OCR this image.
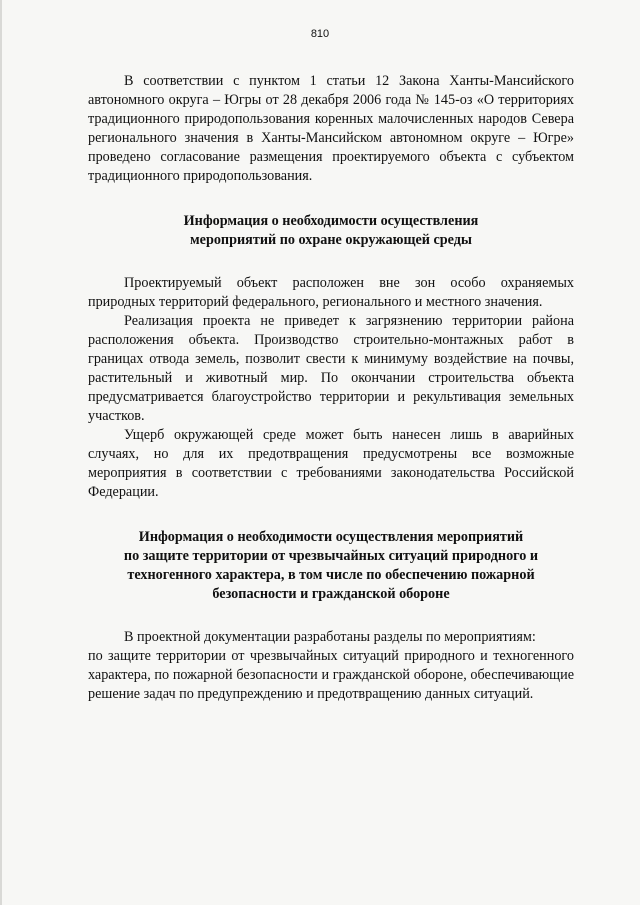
810

В соответствии с пунктом 1 статьи 12 Закона Ханты-Мансийского автономного округа – Югры от 28 декабря 2006 года № 145-оз «О территориях традиционного природопользования коренных малочисленных народов Севера регионального значения в Ханты-Мансийском автономном округе – Югре» проведено согласование размещения проектируемого объекта с субъектом традиционного природопользования.

Информация о необходимости осуществления
мероприятий по охране окружающей среды

Проектируемый объект расположен вне зон особо охраняемых природных территорий федерального, регионального и местного значения.

Реализация проекта не приведет к загрязнению территории района расположения объекта. Производство строительно-монтажных работ в границах отвода земель, позволит свести к минимуму воздействие на почвы, растительный и животный мир. По окончании строительства объекта предусматривается благоустройство территории и рекультивация земельных участков.

Ущерб окружающей среде может быть нанесен лишь в аварийных случаях, но для их предотвращения предусмотрены все возможные мероприятия в соответствии с требованиями законодательства Российской Федерации.

Информация о необходимости осуществления мероприятий
по защите территории от чрезвычайных ситуаций природного и
техногенного характера, в том числе по обеспечению пожарной
безопасности и гражданской обороне

В проектной документации разработаны разделы по мероприятиям:

по защите территории от чрезвычайных ситуаций природного и техногенного характера, по пожарной безопасности и гражданской обороне, обеспечивающие решение задач по предупреждению и предотвращению данных ситуаций.
